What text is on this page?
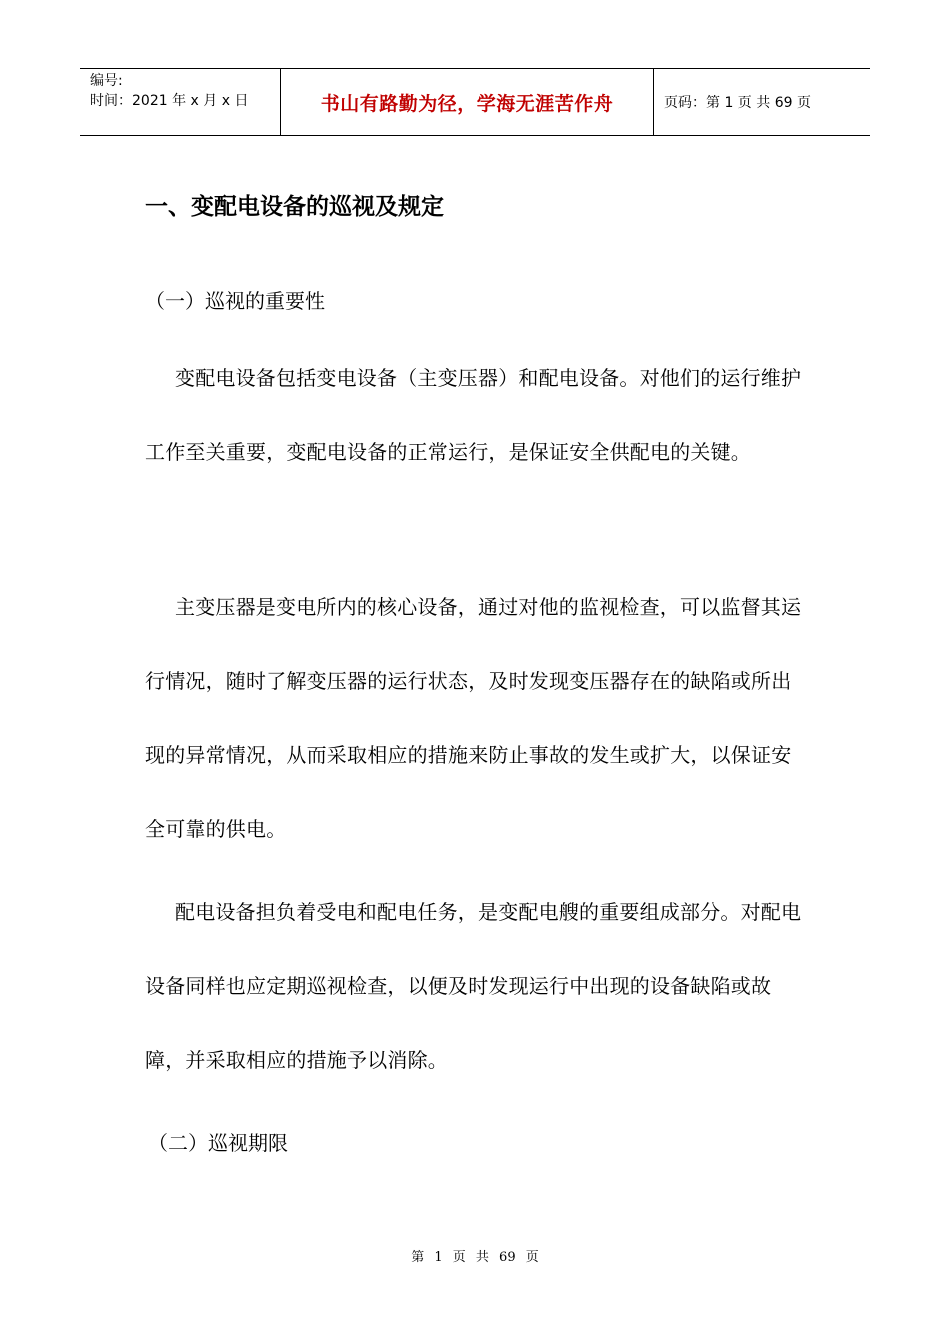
编号:
时间：2021 年 x 月 x 日	书山有路勤为径，学海无涯苦作舟	页码：第 1 页 共 69 页
一、变配电设备的巡视及规定
（一）巡视的重要性

变配电设备包括变电设备（主变压器）和配电设备。对他们的运行维护工作至关重要，变配电设备的正常运行，是保证安全供配电的关键。

主变压器是变电所内的核心设备，通过对他的监视检查，可以监督其运行情况，随时了解变压器的运行状态，及时发现变压器存在的缺陷或所出现的异常情况，从而采取相应的措施来防止事故的发生或扩大，以保证安全可靠的供电。

配电设备担负着受电和配电任务，是变配电艘的重要组成部分。对配电设备同样也应定期巡视检查，以便及时发现运行中出现的设备缺陷或故障，并采取相应的措施予以消除。

（二）巡视期限
第 1 页 共 69 页
